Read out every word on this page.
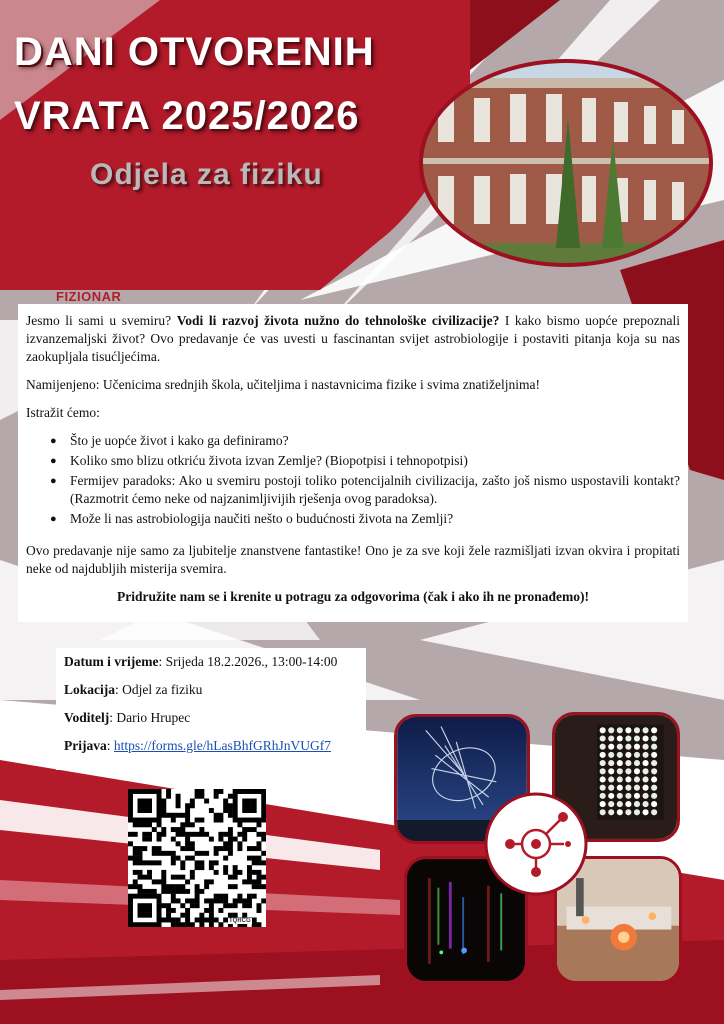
DANI OTVORENIH
VRATA 2025/2026
Odjela za fiziku
FIZIONAR

Jesmo li sami u svemiru? Vodi li razvoj života nužno do tehnološke civilizacije? I kako bismo uopće prepoznali izvanzemaljski život? Ovo predavanje će vas uvesti u fascinantan svijet astrobiologije i postaviti pitanja koja su nas zaokupljala tisućljećima.

Namijenjeno: Učenicima srednjih škola, učiteljima i nastavnicima fizike i svima znatiželjnima!

Istražit ćemo:

● Što je uopće život i kako ga definiramo?
● Koliko smo blizu otkriću života izvan Zemlje? (Biopotpisi i tehnopotpisi)
● Fermijev paradoks: Ako u svemiru postoji toliko potencijalnih civilizacija, zašto još nismo uspostavili kontakt? (Razmotrit ćemo neke od najzanimljivijih rješenja ovog paradoksa).
● Može li nas astrobiologija naučiti nešto o budućnosti života na Zemlji?

Ovo predavanje nije samo za ljubitelje znanstvene fantastike! Ono je za sve koji žele razmišljati izvan okvira i propitati neke od najdubljih misterija svemira.

Pridružite nam se i krenite u potragu za odgovorima (čak i ako ih ne pronađemo)!

Datum i vrijeme: Srijeda 18.2.2026., 13:00-14:00
Lokacija: Odjel za fiziku
Voditelj: Dario Hrupec
Prijava: https://forms.gle/hLasBhfGRhJnVUGf7
TQRCG
